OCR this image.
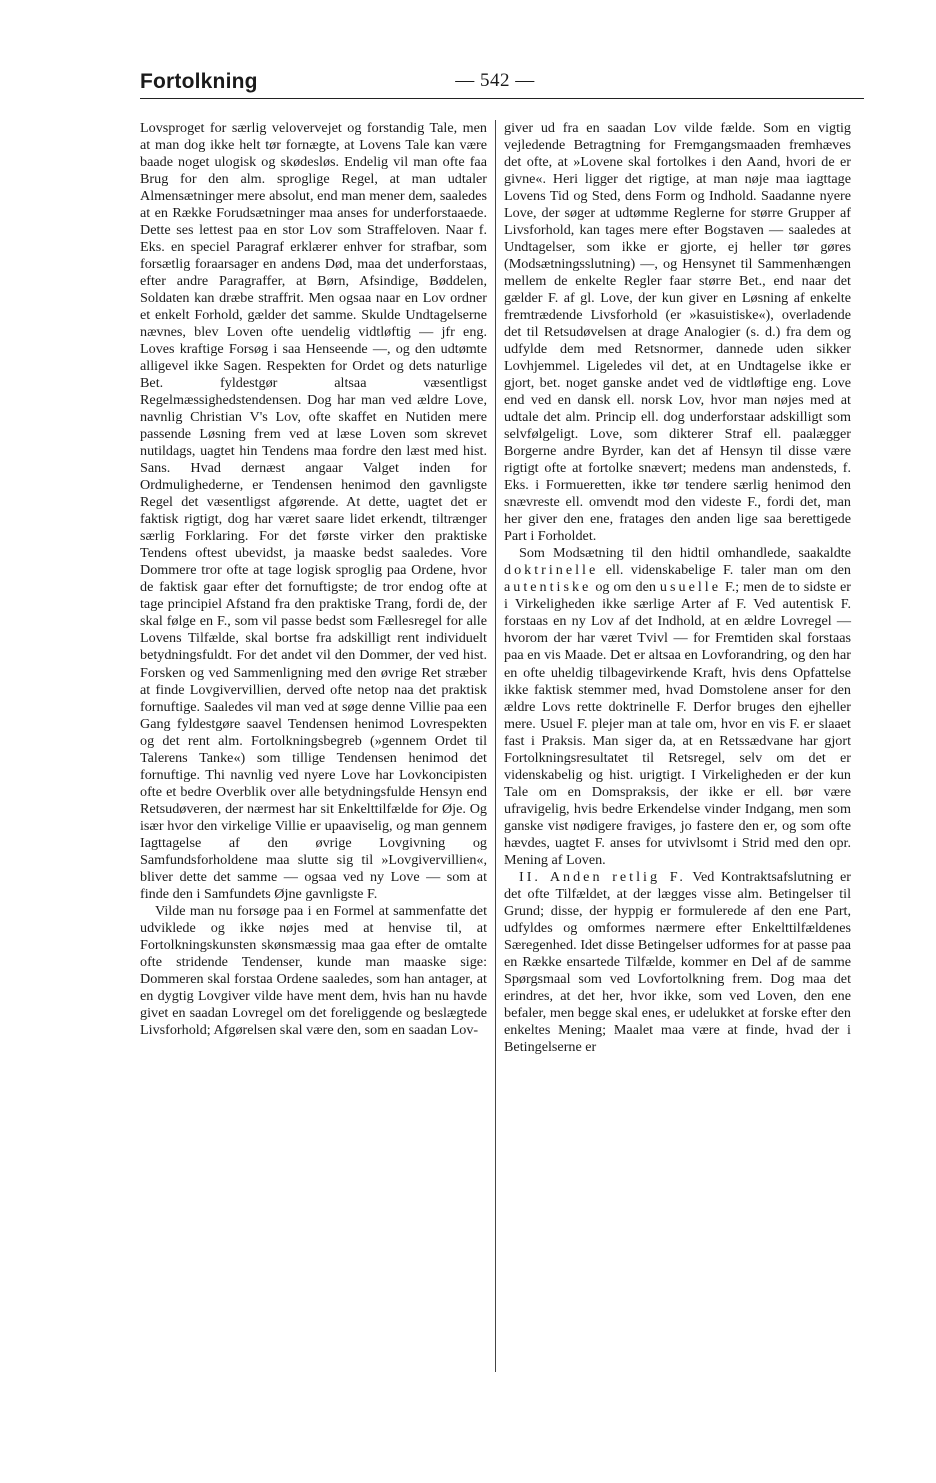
Fortolkning	— 542 —

Lovsproget for særlig velovervejet og forstandig Tale, men at man dog ikke helt tør fornægte, at Lovens Tale kan være baade noget ulogisk og skødesløs. Endelig vil man ofte faa Brug for den alm. sproglige Regel, at man udtaler Almensætninger mere absolut, end man mener dem, saaledes at en Række Forudsætninger maa anses for underforstaaede. Dette ses lettest paa en stor Lov som Straffeloven. Naar f. Eks. en speciel Paragraf erklærer enhver for strafbar, som forsætlig foraarsager en andens Død, maa det underforstaas, efter andre Paragraffer, at Børn, Afsindige, Bøddelen, Soldaten kan dræbe straffrit. Men ogsaa naar en Lov ordner et enkelt Forhold, gælder det samme. Skulde Undtagelserne nævnes, blev Loven ofte uendelig vidtløftig — jfr eng. Loves kraftige Forsøg i saa Henseende —, og den udtømte alligevel ikke Sagen. Respekten for Ordet og dets naturlige Bet. fyldestgør altsaa væsentligst Regelmæssighedstendensen. Dog har man ved ældre Love, navnlig Christian V's Lov, ofte skaffet en Nutiden mere passende Løsning frem ved at læse Loven som skrevet nutildags, uagtet hin Tendens maa fordre den læst med hist. Sans. Hvad dernæst angaar Valget inden for Ordmulighederne, er Tendensen henimod den gavnligste Regel det væsentligst afgørende. At dette, uagtet det er faktisk rigtigt, dog har været saare lidet erkendt, tiltrænger særlig Forklaring. For det første virker den praktiske Tendens oftest ubevidst, ja maaske bedst saaledes. Vore Dommere tror ofte at tage logisk sproglig paa Ordene, hvor de faktisk gaar efter det fornuftigste; de tror endog ofte at tage principiel Afstand fra den praktiske Trang, fordi de, der skal følge en F., som vil passe bedst som Fællesregel for alle Lovens Tilfælde, skal bortse fra adskilligt rent individuelt betydningsfuldt. For det andet vil den Dommer, der ved hist. Forsken og ved Sammenligning med den øvrige Ret stræber at finde Lovgivervillien, derved ofte netop naa det praktisk fornuftige. Saaledes vil man ved at søge denne Villie paa een Gang fyldestgøre saavel Tendensen henimod Lovrespekten og det rent alm. Fortolkningsbegreb (»gennem Ordet til Talerens Tanke«) som tillige Tendensen henimod det fornuftige. Thi navnlig ved nyere Love har Lovkoncipisten ofte et bedre Overblik over alle betydningsfulde Hensyn end Retsudøveren, der nærmest har sit Enkelttilfælde for Øje. Og især hvor den virkelige Villie er upaaviselig, og man gennem Iagttagelse af den øvrige Lovgivning og Samfundsforholdene maa slutte sig til »Lovgivervillien«, bliver dette det samme — ogsaa ved ny Love — som at finde den i Samfundets Øjne gavnligste F.

Vilde man nu forsøge paa i en Formel at sammenfatte det udviklede og ikke nøjes med at henvise til, at Fortolkningskunsten skønsmæssig maa gaa efter de omtalte ofte stridende Tendenser, kunde man maaske sige: Dommeren skal forstaa Ordene saaledes, som han antager, at en dygtig Lovgiver vilde have ment dem, hvis han nu havde givet en saadan Lovregel om det foreliggende og beslægtede Livsforhold; Afgørelsen skal være den, som en saadan Lov-

giver ud fra en saadan Lov vilde fælde. Som en vigtig vejledende Betragtning for Fremgangsmaaden fremhæves det ofte, at »Lovene skal fortolkes i den Aand, hvori de er givne«. Heri ligger det rigtige, at man nøje maa iagttage Lovens Tid og Sted, dens Form og Indhold. Saadanne nyere Love, der søger at udtømme Reglerne for større Grupper af Livsforhold, kan tages mere efter Bogstaven — saaledes at Undtagelser, som ikke er gjorte, ej heller tør gøres (Modsætningsslutning) —, og Hensynet til Sammenhængen mellem de enkelte Regler faar større Bet., end naar det gælder F. af gl. Love, der kun giver en Løsning af enkelte fremtrædende Livsforhold (er »kasuistiske«), overladende det til Retsudøvelsen at drage Analogier (s. d.) fra dem og udfylde dem med Retsnormer, dannede uden sikker Lovhjemmel. Ligeledes vil det, at en Undtagelse ikke er gjort, bet. noget ganske andet ved de vidtløftige eng. Love end ved en dansk ell. norsk Lov, hvor man nøjes med at udtale det alm. Princip ell. dog underforstaar adskilligt som selvfølgeligt. Love, som dikterer Straf ell. paalægger Borgerne andre Byrder, kan det af Hensyn til disse være rigtigt ofte at fortolke snævert; medens man andensteds, f. Eks. i Formueretten, ikke tør tendere særlig henimod den snævreste ell. omvendt mod den videste F., fordi det, man her giver den ene, fratages den anden lige saa berettigede Part i Forholdet.

Som Modsætning til den hidtil omhandlede, saakaldte doktrinelle ell. videnskabelige F. taler man om den autentiske og om den usuelle F.; men de to sidste er i Virkeligheden ikke særlige Arter af F. Ved autentisk F. forstaas en ny Lov af det Indhold, at en ældre Lovregel — hvorom der har været Tvivl — for Fremtiden skal forstaas paa en vis Maade. Det er altsaa en Lovforandring, og den har en ofte uheldig tilbagevirkende Kraft, hvis dens Opfattelse ikke faktisk stemmer med, hvad Domstolene anser for den ældre Lovs rette doktrinelle F. Derfor bruges den ejheller mere. Usuel F. plejer man at tale om, hvor en vis F. er slaaet fast i Praksis. Man siger da, at en Retssædvane har gjort Fortolkningsresultatet til Retsregel, selv om det er videnskabelig og hist. urigtigt. I Virkeligheden er der kun Tale om en Domspraksis, der ikke er ell. bør være ufravigelig, hvis bedre Erkendelse vinder Indgang, men som ganske vist nødigere fraviges, jo fastere den er, og som ofte hævdes, uagtet F. anses for utvivlsomt i Strid med den opr. Mening af Loven.

II. Anden retlig F. Ved Kontraktsafslutning er det ofte Tilfældet, at der lægges visse alm. Betingelser til Grund; disse, der hyppig er formulerede af den ene Part, udfyldes og omformes nærmere efter Enkelttilfældenes Særegenhed. Idet disse Betingelser udformes for at passe paa en Række ensartede Tilfælde, kommer en Del af de samme Spørgsmaal som ved Lovfortolkning frem. Dog maa det erindres, at det her, hvor ikke, som ved Loven, den ene befaler, men begge skal enes, er udelukket at forske efter den enkeltes Mening; Maalet maa være at finde, hvad der i Betingelserne er
